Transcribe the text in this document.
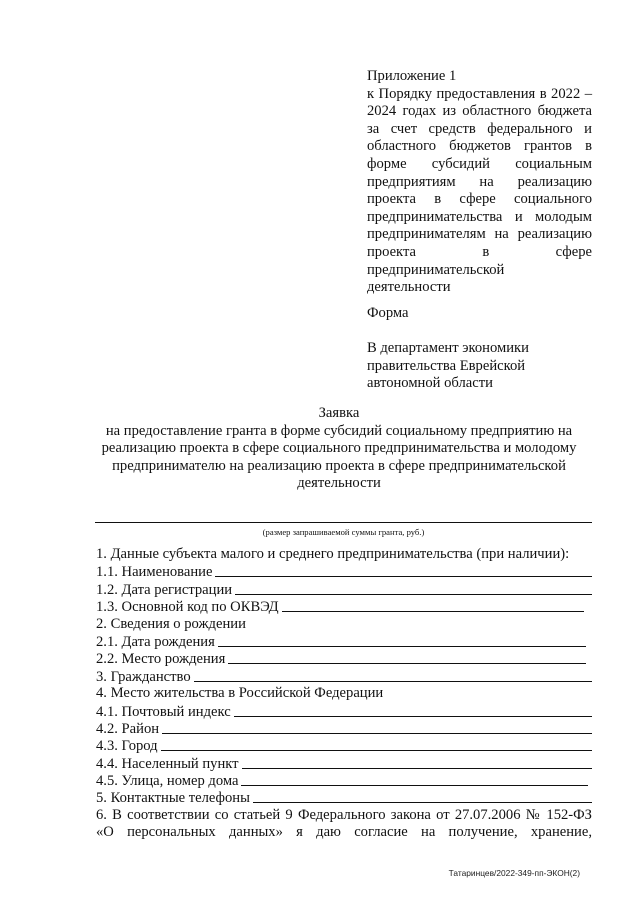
Приложение 1
к Порядку предоставления в 2022 –
2024 годах из областного бюджета
за счет средств федерального и
областного бюджетов грантов в
форме субсидий социальным
предприятиям на реализацию
проекта в сфере социального
предпринимательства и молодым
предпринимателям на реализацию
проекта в сфере
предпринимательской
деятельности
Форма
В департамент экономики
правительства Еврейской
автономной области
Заявка
на предоставление гранта в форме субсидий социальному предприятию на
реализацию проекта в сфере социального предпринимательства и молодому
предпринимателю на реализацию проекта в сфере предпринимательской
деятельности
(размер запрашиваемой суммы гранта, руб.)
1. Данные субъекта малого и среднего предпринимательства (при наличии):
1.1. Наименование
1.2. Дата регистрации
1.3. Основной код по ОКВЭД
2. Сведения о рождении
2.1. Дата рождения
2.2. Место рождения
3. Гражданство
4. Место жительства в Российской Федерации
4.1. Почтовый индекс
4.2. Район
4.3. Город
4.4. Населенный пункт
4.5. Улица, номер дома
5. Контактные телефоны
6. В соответствии со статьей 9 Федерального закона от 27.07.2006 № 152-ФЗ
«О персональных данных» я даю согласие на получение, хранение,
Татаринцев/2022-349-пп-ЭКОН(2)
